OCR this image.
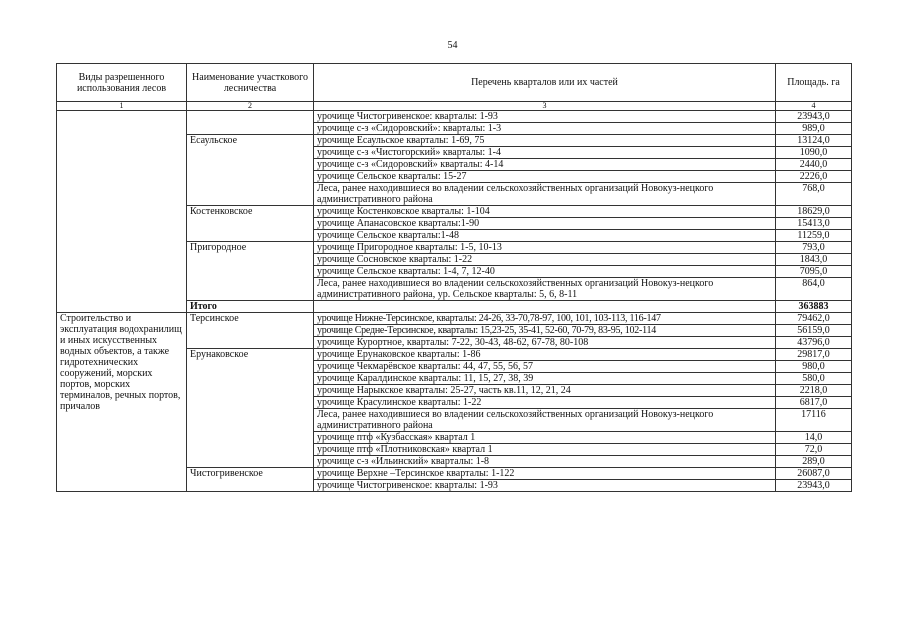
54
Виды разрешенного использования лесов	Наименование участкового лесничества	Перечень кварталов или их частей	Площадь. га
1	2	3	4
		урочище Чистогривенское: кварталы: 1-93	23943,0
		урочище с-з «Сидоровский»: кварталы: 1-3	989,0
	Есаульское	урочище Есаульское кварталы: 1-69, 75	13124,0
		урочище с-з «Чистогорский» кварталы: 1-4	1090,0
		урочище с-з «Сидоровский» кварталы: 4-14	2440,0
		урочище Сельское кварталы: 15-27	2226,0
		Леса, ранее находившиеся во владении сельскохозяйственных организаций Новокуз-нецкого административного района	768,0
	Костенковское	урочище Костенковское кварталы: 1-104	18629,0
		урочище Апанасовское кварталы:1-90	15413,0
		урочище Сельское кварталы:1-48	11259,0
	Пригородное	урочище Пригородное кварталы: 1-5, 10-13	793,0
		урочище Сосновское кварталы: 1-22	1843,0
		урочище Сельское кварталы: 1-4, 7, 12-40	7095,0
		Леса, ранее находившиеся во владении сельскохозяйственных организаций Новокуз-нецкого административного района, ур. Сельское кварталы: 5, 6, 8-11	864,0
	Итого		363883
Строительство и эксплуатация водохранилищ и иных искусственных водных объектов, а также гидротехнических сооружений, морских портов, морских терминалов, речных портов, причалов	Терсинское	урочище Нижне-Терсинское, кварталы: 24-26, 33-70,78-97, 100, 101, 103-113, 116-147	79462,0
		урочище Средне-Терсинское, кварталы: 15,23-25, 35-41, 52-60, 70-79, 83-95, 102-114	56159,0
		урочище Курортное, кварталы: 7-22, 30-43, 48-62, 67-78, 80-108	43796,0
	Ерунаковское	урочище Ерунаковское кварталы: 1-86	29817,0
		урочище Чекмарёвское кварталы: 44, 47, 55, 56, 57	980,0
		урочище Каралдинское кварталы: 11, 15, 27, 38, 39	580,0
		урочище Нарыкское кварталы: 25-27, часть кв.11, 12, 21, 24	2218,0
		урочище Красулинское кварталы: 1-22	6817,0
		Леса, ранее находившиеся во владении сельскохозяйственных организаций Новокуз-нецкого административного района	17116
		урочище птф «Кузбасская» квартал 1	14,0
		урочище птф «Плотниковская» квартал 1	72,0
		урочище с-з «Ильинский» кварталы: 1-8	289,0
	Чистогривенское	урочище Верхне –Терсинское кварталы: 1-122	26087,0
		урочище Чистогривенское: кварталы: 1-93	23943,0
